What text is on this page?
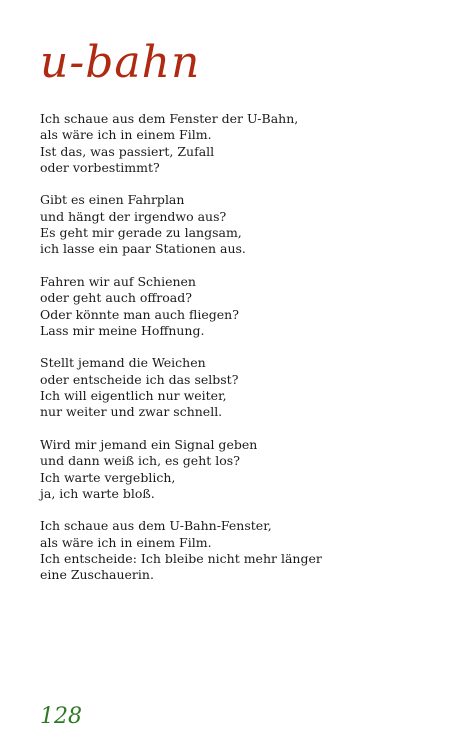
u-bahn
Ich schaue aus dem Fenster der U-Bahn,
als wäre ich in einem Film.
Ist das, was passiert, Zufall
oder vorbestimmt?
Gibt es einen Fahrplan
und hängt der irgendwo aus?
Es geht mir gerade zu langsam,
ich lasse ein paar Stationen aus.
Fahren wir auf Schienen
oder geht auch offroad?
Oder könnte man auch fliegen?
Lass mir meine Hoffnung.
Stellt jemand die Weichen
oder entscheide ich das selbst?
Ich will eigentlich nur weiter,
nur weiter und zwar schnell.
Wird mir jemand ein Signal geben
und dann weiß ich, es geht los?
Ich warte vergeblich,
ja, ich warte bloß.
Ich schaue aus dem U-Bahn-Fenster,
als wäre ich in einem Film.
Ich entscheide: Ich bleibe nicht mehr länger
eine Zuschauerin.
128
